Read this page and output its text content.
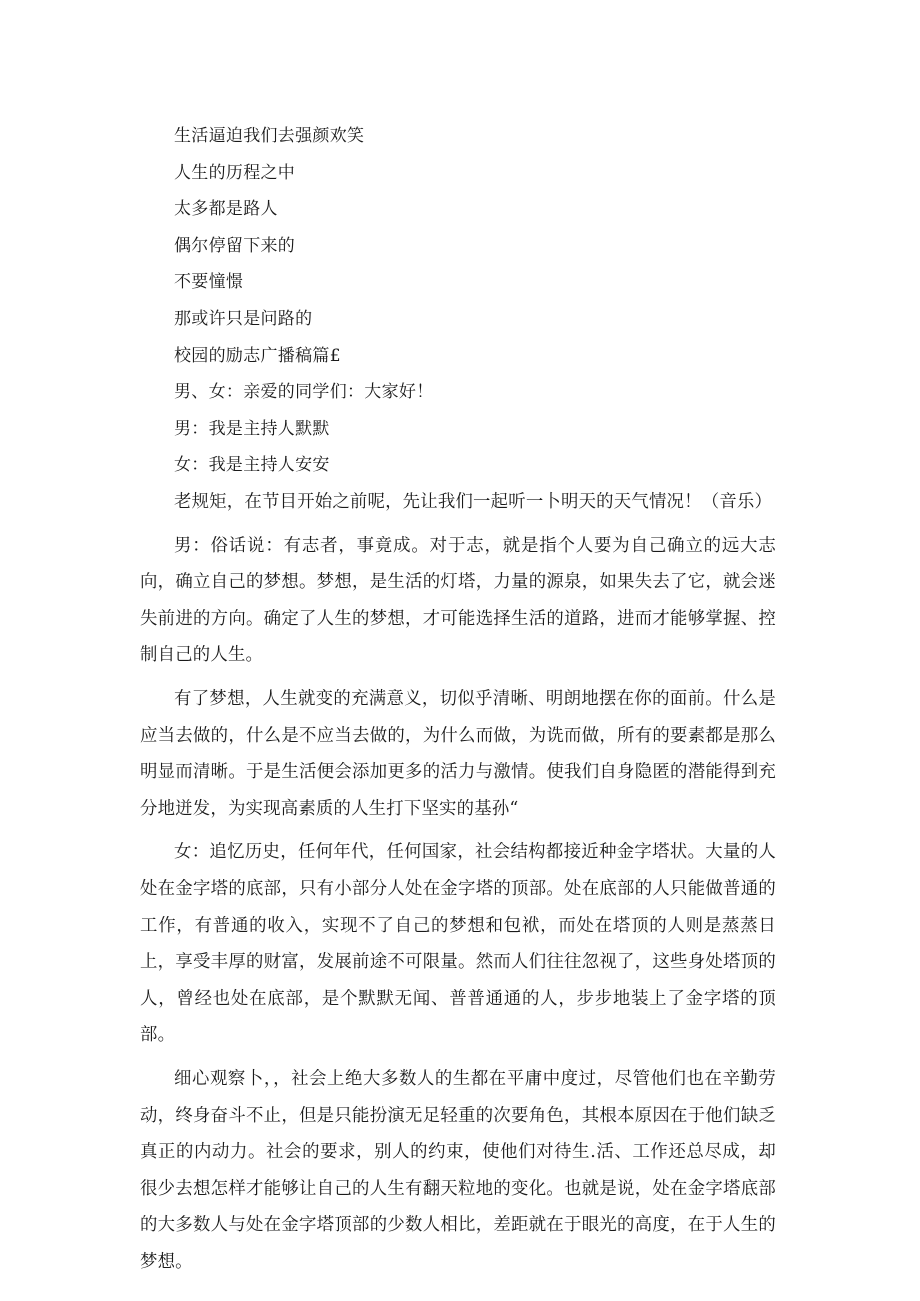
生活逼迫我们去强颜欢笑
人生的历程之中
太多都是路人
偶尔停留下来的
不要憧憬
那或许只是问路的
校园的励志广播稿篇£
男、女：亲爱的同学们：大家好！
男：我是主持人默默
女：我是主持人安安

老规矩，在节目开始之前呢，先让我们一起听一卜明天的天气情况！（音乐）

男：俗话说：有志者，事竟成。对于志，就是指个人要为自己确立的远大志向，确立自己的梦想。梦想，是生活的灯塔，力量的源泉，如果失去了它，就会迷失前进的方向。确定了人生的梦想，才可能选择生活的道路，进而才能够掌握、控制自己的人生。

有了梦想，人生就变的充满意义，切似乎清晰、明朗地摆在你的面前。什么是应当去做的，什么是不应当去做的，为什么而做，为诜而做，所有的要素都是那么明显而清晰。于是生活便会添加更多的活力与激情。使我们自身隐匿的潜能得到充分地迸发，为实现高素质的人生打下坚实的基孙“

女：追忆历史，任何年代，任何国家，社会结构都接近种金字塔状。大量的人处在金字塔的底部，只有小部分人处在金字塔的顶部。处在底部的人只能做普通的工作，有普通的收入，实现不了自己的梦想和包袱，而处在塔顶的人则是蒸蒸日上，享受丰厚的财富，发展前途不可限量。然而人们往往忽视了，这些身处塔顶的人，曾经也处在底部，是个默默无闻、普普通通的人，步步地装上了金字塔的顶部。

细心观察卜，，社会上绝大多数人的生都在平庸中度过，尽管他们也在辛勤劳动，终身奋斗不止，但是只能扮演无足轻重的次要角色，其根本原因在于他们缺乏真正的内动力。社会的要求，别人的约束，使他们对待生.活、工作还总尽成，却很少去想怎样才能够让自己的人生有翻天粒地的变化。也就是说，处在金字塔底部的大多数人与处在金字塔顶部的少数人相比，差距就在于眼光的高度，在于人生的梦想。
